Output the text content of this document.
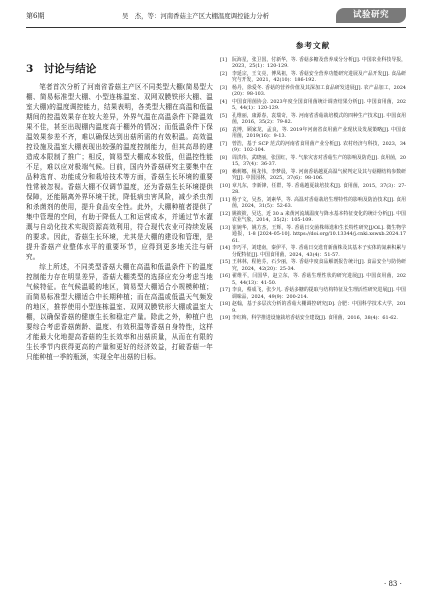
第6期	吴　杰，等：河南香菇主产区大棚温度调控能力分析	试验研究
3　讨论与结论

笔者首次分析了河南省香菇主产区不同类型大棚(简易型大棚、简易标准型大棚、小型连栋温室、双网双膜铁形大棚、温室大棚)的温度调控能力，结果表明，各类型大棚在高温和低温期间的控温效果存在较大差异，外界气温在高温条件下降温效果不佳，甚至出现棚内温度高于棚外的情况；而低温条件下保温效果参差不齐，难以确保达到出菇所需的有效积温。高效温控设施及温室大棚表现出较强的温度控制能力，但其高昂的建造成本限制了推广；相反，简易型大棚成本较低，但温控性能不足，难以应对极端气候。目前，国内外香菇研究主要集中在品种选育、功能成分和栽培技术等方面，香菇生长环境的重要性常被忽视。香菇大棚不仅调节温度，还为香菇生长环境提供保障，还能隔离外界环境干扰，降低病虫害风险，减少杀虫剂和杀菌剂的使用，提升食品安全性。此外，大棚种植者提供了集中管理的空间，有助于降低人工和运营成本，并通过节水灌溉与自动化技术实现资源高效利用，符合现代农业可持续发展的要求。因此，香菇生长环境，尤其是大棚的建设和管理，是提升香菇产业整体水平的重要环节，应得到更多地关注与研究。

综上所述，不同类型香菇大棚在高温和低温条件下的温度控制能力存在明显差异，香菇大棚类型的选择应充分考虑当地气候特征。在气候温暖的地区，简易型大棚适合小规模种植；而简易标准型大棚适合中长期种植；而在高温或低温天气频发的地区，推荐使用小型连栋温室、双网双膜铁形大棚或温室大棚，以确保香菇的健康生长和稳定产量。除此之外，种植户也要综合考虑香菇菌龄、温度、有效积温等香菇自身特性，这样才能最大化地提高香菇的生长效率和出菇质量，从而在有限的生长季节内获得更高的产量和更好的经济效益，打破香菇一年只能种植一季的瓶颈，实现全年出菇的目标。

参考文献
[1]	阮海星，张卫国，付新华，等. 香菇多糖及营养成分分析[J]. 中国农业科技导报，2023，25(1)：120-129.
[2]	李延宗，王文亮，博凤祖，等. 香菇安全营养功能研究进展及产品开发[J]. 食品研究与开发，2021，42(10)：186-192.
[3]	杨丹，徐爱冬. 香菇的营养价值及其深加工食品研发进展[J]. 农产品加工，2024(20)：98-103.
[4]	中国食用菌协会. 2023年度全国食用菌统计调查结果分析[J]. 中国食用菌，2025，44(1)：120-129.
[5]	孔维丽，康源春，袁瑞奇，等. 河南省香菇栽培模式的四种生产技术[J]. 中国食用菌，2016，35(2)：79-82.
[6]	袁博，顾家龙，孟良，等. 2019年河南省食用菌产业现状及发展策略[J]. 中国食用菌，2019(16)：9-13.
[7]	曾浩，基于 SCP 范式的河南省食用菌产业分析[J]. 农村经济与科技，2023，34(9)：102-104.
[8]	周洪伟，武晓丽，张国红，等. 气象灾害对香菇生产的影响及防范[J]. 食用菌，2015，37(4)：36-37.
[9]	赖莉娜，杨龙伟，李梦晨，等. 河南香菇越夏高温气候判定及其与菇棚结构参数研究[J]. 中国园林，2025，37(6)：98-106.
[10] 章凡东，李新锋，任群，等. 香菇越夏栽培技术[J]. 食用菌，2015，37(3)：27-28.
[11] 杨子文，吴杰，刘素华，等. 高温对香菇栽培生理特性的影响及防治技术[J]. 食用菌，2024，31(5)：52-63.
[12] 姚筱筱，吴达，近 30 a 来黄河流域温度与降水基本特征变化的统计分析[J]. 中国农业气象，2014，35(2)：105-109.
[13] 崔婉华，姚方杰，王辉，等. 香菇日交菌株筛选和生长特性研究[J/OL]. 微生物学通报，1-8 [2024-05-10]. https://doi.org/10.13344/j.cnki.xswxb.2024.1761.
[14] 李巧平，刘建南，秦伊平，等. 香菇日交选育新菌株及其基本子实体的氮素积累与分配特征[J]. 中国食用菌，2024，43(4)：51-57.
[15] 王林林，程艳芬，石少丽，等. 香菇中度食品解剖报告统计[J]. 食品安全与防伪研究，2024，42(20)：25-34.
[16] 翟维平，闫国华，赵立东，等. 香菇生理性状的研究进展[J]. 中国食用菌，2025，44(13)：41-50.
[17] 李良，蔡成飞，张少凡. 香菇多糖的提取与结构特征及生理活性研究进展[J]. 中国调味品，2024，49(9)：200-214.
[18] 赵翰，基于多层次分析的香菇大棚调控研究[D]. 合肥：中国科学技术大学，2019.
[19] 李红梅，科学推进设施栽培香菇安全建设[J]. 食用菌，2016，38(4)：61-62.
· 83 ·
